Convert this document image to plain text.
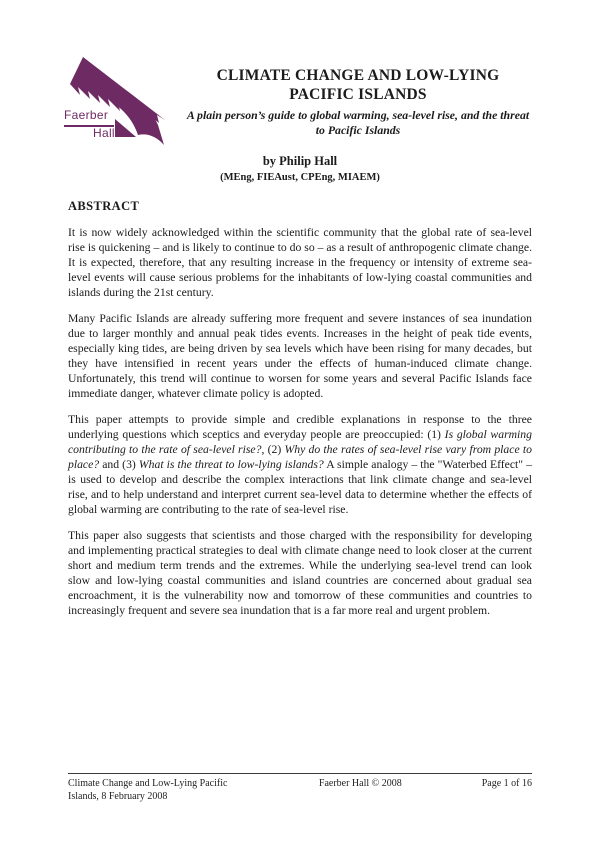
Faerber
Hall
CLIMATE CHANGE AND LOW-LYING PACIFIC ISLANDS
A plain person’s guide to global warming, sea-level rise, and the threat to Pacific Islands
by Philip Hall
(MEng, FIEAust, CPEng, MIAEM)
ABSTRACT

It is now widely acknowledged within the scientific community that the global rate of sea-level rise is quickening – and is likely to continue to do so – as a result of anthropogenic climate change. It is expected, therefore, that any resulting increase in the frequency or intensity of extreme sea-level events will cause serious problems for the inhabitants of low-lying coastal communities and islands during the 21st century.

Many Pacific Islands are already suffering more frequent and severe instances of sea inundation due to larger monthly and annual peak tides events. Increases in the height of peak tide events, especially king tides, are being driven by sea levels which have been rising for many decades, but they have intensified in recent years under the effects of human-induced climate change. Unfortunately, this trend will continue to worsen for some years and several Pacific Islands face immediate danger, whatever climate policy is adopted.

This paper attempts to provide simple and credible explanations in response to the three underlying questions which sceptics and everyday people are preoccupied: (1) Is global warming contributing to the rate of sea-level rise?, (2) Why do the rates of sea-level rise vary from place to place? and (3) What is the threat to low-lying islands? A simple analogy – the "Waterbed Effect" – is used to develop and describe the complex interactions that link climate change and sea-level rise, and to help understand and interpret current sea-level data to determine whether the effects of global warming are contributing to the rate of sea-level rise.

This paper also suggests that scientists and those charged with the responsibility for developing and implementing practical strategies to deal with climate change need to look closer at the current short and medium term trends and the extremes. While the underlying sea-level trend can look slow and low-lying coastal communities and island countries are concerned about gradual sea encroachment, it is the vulnerability now and tomorrow of these communities and countries to increasingly frequent and severe sea inundation that is a far more real and urgent problem.

Climate Change and Low-Lying Pacific
Islands, 8 February 2008
Faerber Hall © 2008	Page 1 of 16
